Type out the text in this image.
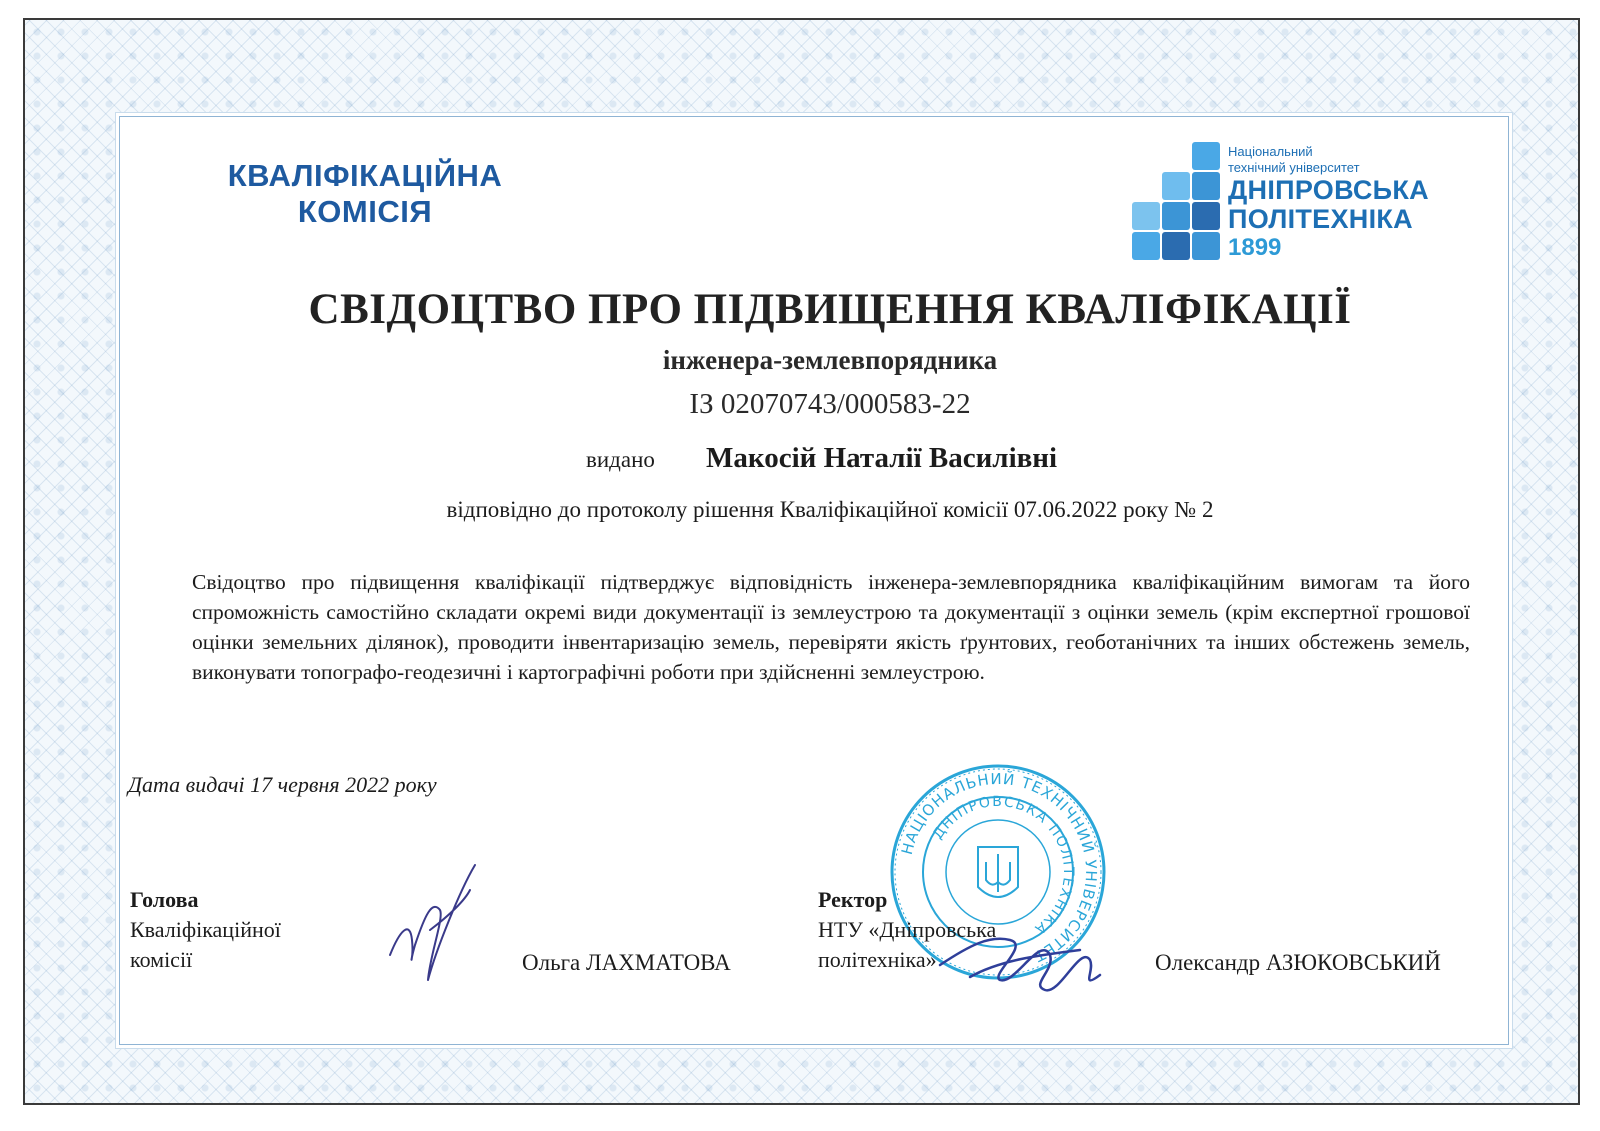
КВАЛІФІКАЦІЙНА
КОМІСІЯ
Національний
технічний університет
ДНІПРОВСЬКА
ПОЛІТЕХНІКА
1899
СВІДОЦТВО ПРО ПІДВИЩЕННЯ КВАЛІФІКАЦІЇ
інженера-землевпорядника
ІЗ 02070743/000583-22
видано Макосій Наталії Василівні
відповідно до протоколу рішення Кваліфікаційної комісії 07.06.2022 року № 2
Свідоцтво про підвищення кваліфікації підтверджує відповідність інженера-землевпорядника кваліфікаційним вимогам та його спроможність самостійно складати окремі види документації із землеустрою та документації з оцінки земель (крім експертної грошової оцінки земельних ділянок), проводити інвентаризацію земель, перевіряти якість ґрунтових, геоботанічних та інших обстежень земель, виконувати топографо-геодезичні і картографічні роботи при здійсненні землеустрою.
Дата видачі 17 червня 2022 року
Голова
Кваліфікаційної
комісії	Ольга ЛАХМАТОВА
НАЦІОНАЛЬНИЙ ТЕХНІЧНИЙ УНІВЕРСИТЕТ
ДНІПРОВСЬКА ПОЛІТЕХНІКА
Ректор
НТУ «Дніпровська
політехніка»	Олександр АЗЮКОВСЬКИЙ
